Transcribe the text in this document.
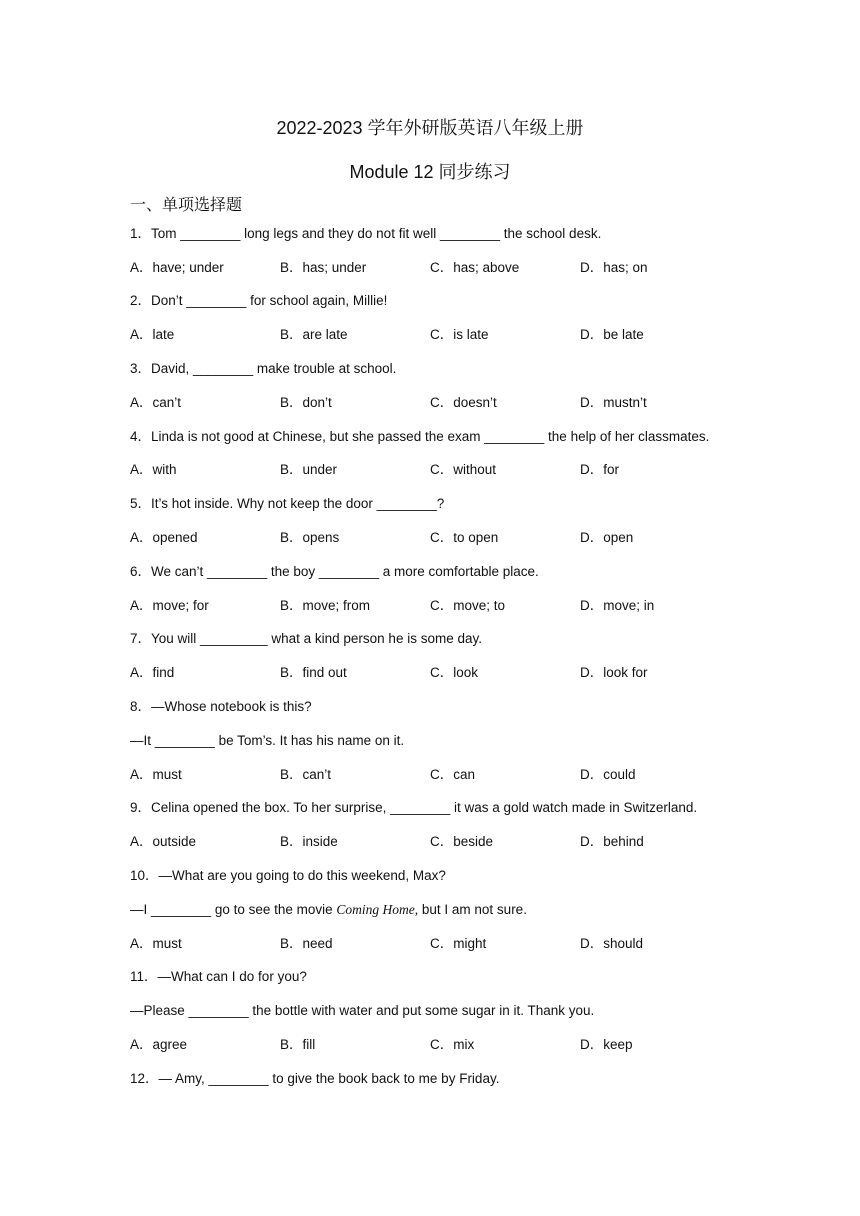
2022-2023 学年外研版英语八年级上册
Module 12 同步练习
一、单项选择题
1．Tom ________ long legs and they do not fit well ________ the school desk.
A．have; under	B．has; under	C．has; above	D．has; on
2．Don’t ________ for school again, Millie!
A．late	B．are late	C．is late	D．be late
3．David, ________ make trouble at school.
A．can’t	B．don’t	C．doesn’t	D．mustn’t
4．Linda is not good at Chinese, but she passed the exam ________ the help of her classmates.
A．with	B．under	C．without	D．for
5．It’s hot inside. Why not keep the door ________?
A．opened	B．opens	C．to open	D．open
6．We can’t ________ the boy ________ a more comfortable place.
A．move; for	B．move; from	C．move; to	D．move; in
7．You will _________ what a kind person he is some day.
A．find	B．find out	C．look	D．look for
8．—Whose notebook is this?
—It ________ be Tom’s. It has his name on it.
A．must	B．can’t	C．can	D．could
9．Celina opened the box. To her surprise, ________ it was a gold watch made in Switzerland.
A．outside	B．inside	C．beside	D．behind
10．—What are you going to do this weekend, Max?
—I ________ go to see the movie Coming Home, but I am not sure.
A．must	B．need	C．might	D．should
11．—What can I do for you?
—Please ________ the bottle with water and put some sugar in it. Thank you.
A．agree	B．fill	C．mix	D．keep
12．— Amy, ________ to give the book back to me by Friday.
